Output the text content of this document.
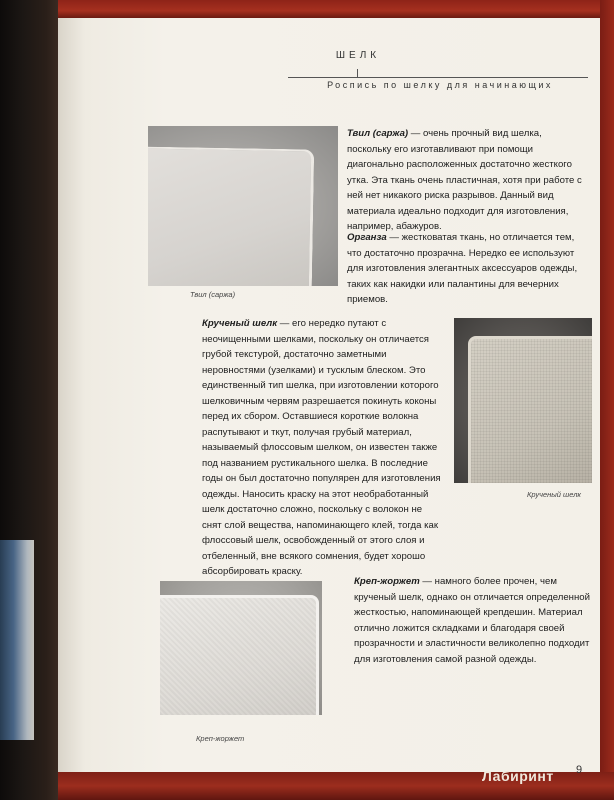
ШЕЛК
Роспись по шелку для начинающих
Твил (саржа)
Твил (саржа) — очень прочный вид шелка, поскольку его изготавливают при помощи диагонально расположенных достаточно жесткого утка. Эта ткань очень пластичная, хотя при работе с ней нет никакого риска разрывов. Данный вид материала идеально подходит для изготовления, например, абажуров.
Органза — жестковатая ткань, но отличается тем, что достаточно прозрачна. Нередко ее используют для изготовления элегантных аксессуаров одежды, таких как накидки или палантины для вечерних приемов.
Крученый шелк — его нередко путают с неочищенными шелками, поскольку он отличается грубой текстурой, достаточно заметными неровностями (узелками) и тусклым блеском. Это единственный тип шелка, при изготовлении которого шелковичным червям разрешается покинуть коконы перед их сбором. Оставшиеся короткие волокна распутывают и ткут, получая грубый материал, называемый флоссовым шелком, он известен также под названием рустикального шелка. В последние годы он был достаточно популярен для изготовления одежды. Наносить краску на этот необработанный шелк достаточно сложно, поскольку с волокон не снят слой вещества, напоминающего клей, тогда как флоссовый шелк, освобожденный от этого слоя и отбеленный, вне всякого сомнения, будет хорошо абсорбировать краску.
Крученый шелк
Креп-жоржет
Креп-жоржет — намного более прочен, чем крученый шелк, однако он отличается определенной жесткостью, напоминающей крепдешин. Материал отлично ложится складками и благодаря своей прозрачности и эластичности великолепно подходит для изготовления самой разной одежды.
9
Лабиринт
